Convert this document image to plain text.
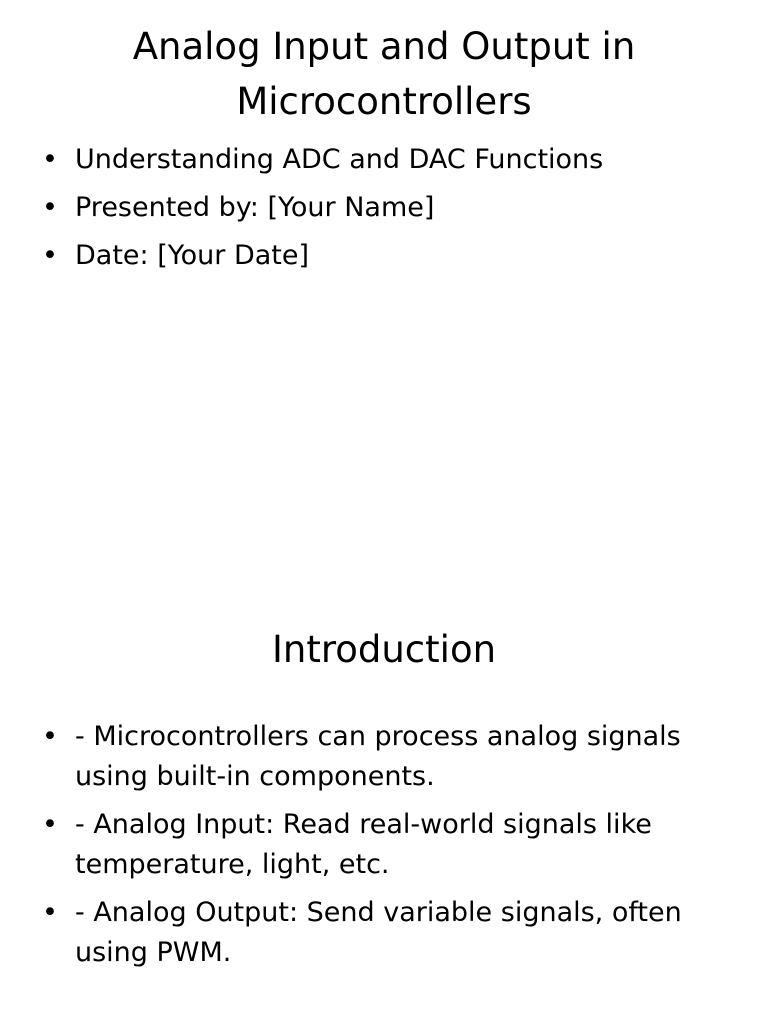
Analog Input and Output in Microcontrollers
• Understanding ADC and DAC Functions
• Presented by: [Your Name]
• Date: [Your Date]
Introduction
• - Microcontrollers can process analog signals using built-in components.
• - Analog Input: Read real-world signals like temperature, light, etc.
• - Analog Output: Send variable signals, often using PWM.
